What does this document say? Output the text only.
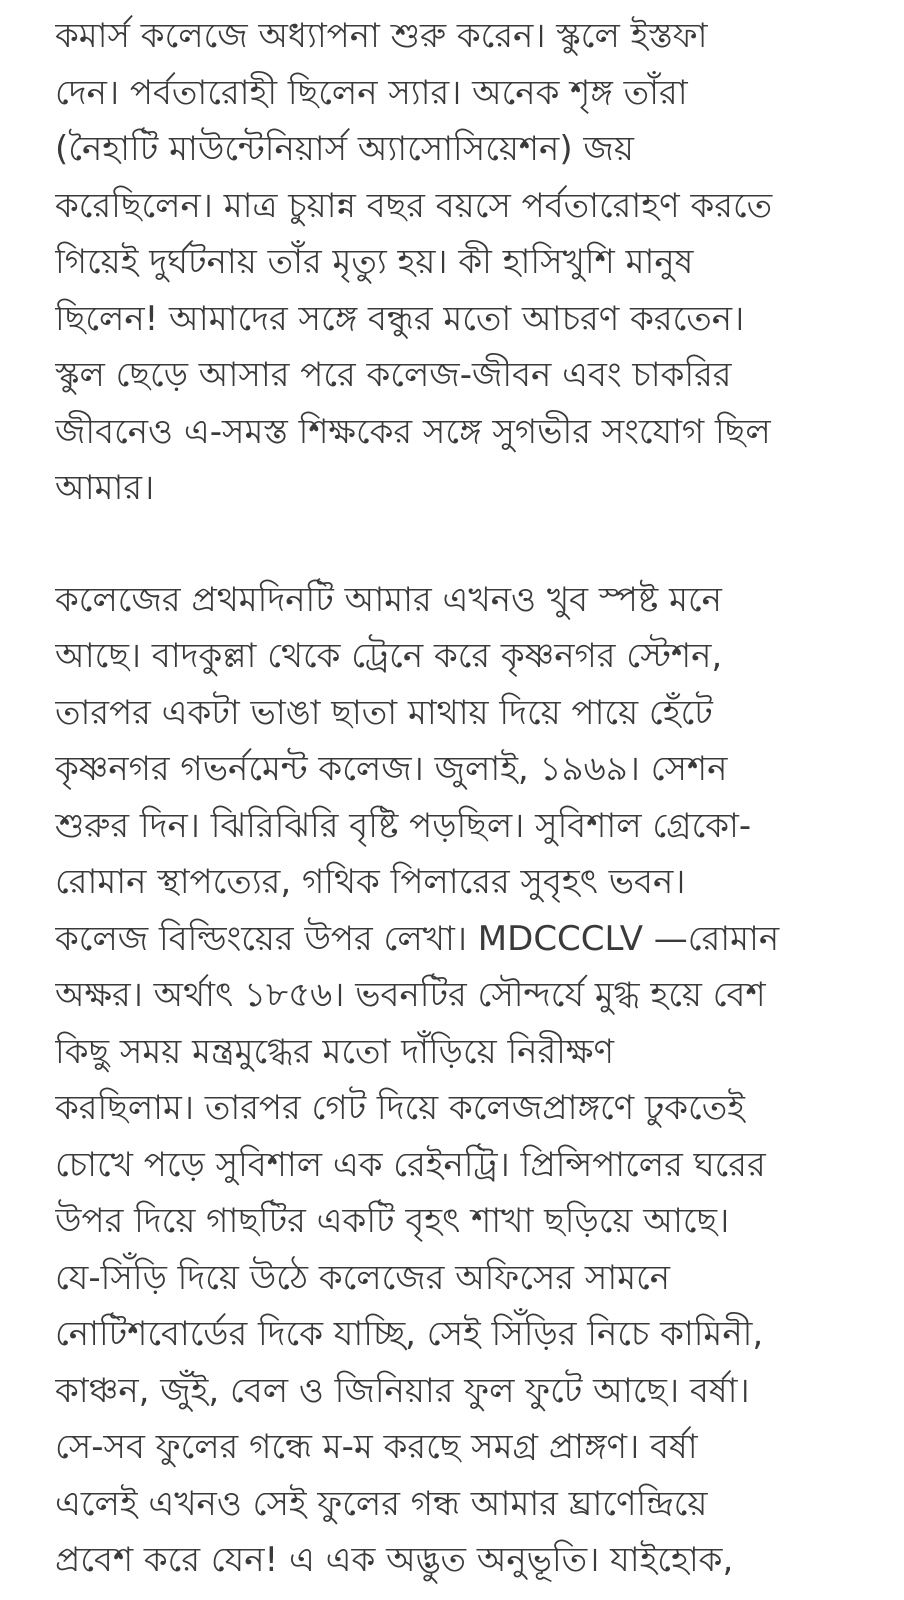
কমার্স কলেজে অধ্যাপনা শুরু করেন। স্কুলে ইস্তফা
দেন। পর্বতারোহী ছিলেন স্যার। অনেক শৃঙ্গ তাঁরা
(নৈহাটি মাউন্টেনিয়ার্স অ্যাসোসিয়েশন) জয়
করেছিলেন। মাত্র চুয়ান্ন বছর বয়সে পর্বতারোহণ করতে
গিয়েই দুর্ঘটনায় তাঁর মৃত্যু হয়। কী হাসিখুশি মানুষ
ছিলেন! আমাদের সঙ্গে বন্ধুর মতো আচরণ করতেন।
স্কুল ছেড়ে আসার পরে কলেজ-জীবন এবং চাকরির
জীবনেও এ-সমস্ত শিক্ষকের সঙ্গে সুগভীর সংযোগ ছিল
আমার।
কলেজের প্রথমদিনটি আমার এখনও খুব স্পষ্ট মনে
আছে। বাদকুল্লা থেকে ট্রেনে করে কৃষ্ণনগর স্টেশন,
তারপর একটা ভাঙা ছাতা মাথায় দিয়ে পায়ে হেঁটে
কৃষ্ণনগর গভর্নমেন্ট কলেজ। জুলাই, ১৯৬৯। সেশন
শুরুর দিন। ঝিরিঝিরি বৃষ্টি পড়ছিল। সুবিশাল গ্রেকো-
রোমান স্থাপত্যের, গথিক পিলারের সুবৃহৎ ভবন।
কলেজ বিল্ডিংয়ের উপর লেখা। MDCCCLV —রোমান
অক্ষর। অর্থাৎ ১৮৫৬। ভবনটির সৌন্দর্যে মুগ্ধ হয়ে বেশ
কিছু সময় মন্ত্রমুগ্ধের মতো দাঁড়িয়ে নিরীক্ষণ
করছিলাম। তারপর গেট দিয়ে কলেজপ্রাঙ্গণে ঢুকতেই
চোখে পড়ে সুবিশাল এক রেইনট্রি। প্রিন্সিপালের ঘরের
উপর দিয়ে গাছটির একটি বৃহৎ শাখা ছড়িয়ে আছে।
যে-সিঁড়ি দিয়ে উঠে কলেজের অফিসের সামনে
নোটিশবোর্ডের দিকে যাচ্ছি, সেই সিঁড়ির নিচে কামিনী,
কাঞ্চন, জুঁই, বেল ও জিনিয়ার ফুল ফুটে আছে। বর্ষা।
সে-সব ফুলের গন্ধে ম-ম করছে সমগ্র প্রাঙ্গণ। বর্ষা
এলেই এখনও সেই ফুলের গন্ধ আমার ঘ্রাণেন্দ্রিয়ে
প্রবেশ করে যেন! এ এক অদ্ভুত অনুভূতি। যাইহোক,
